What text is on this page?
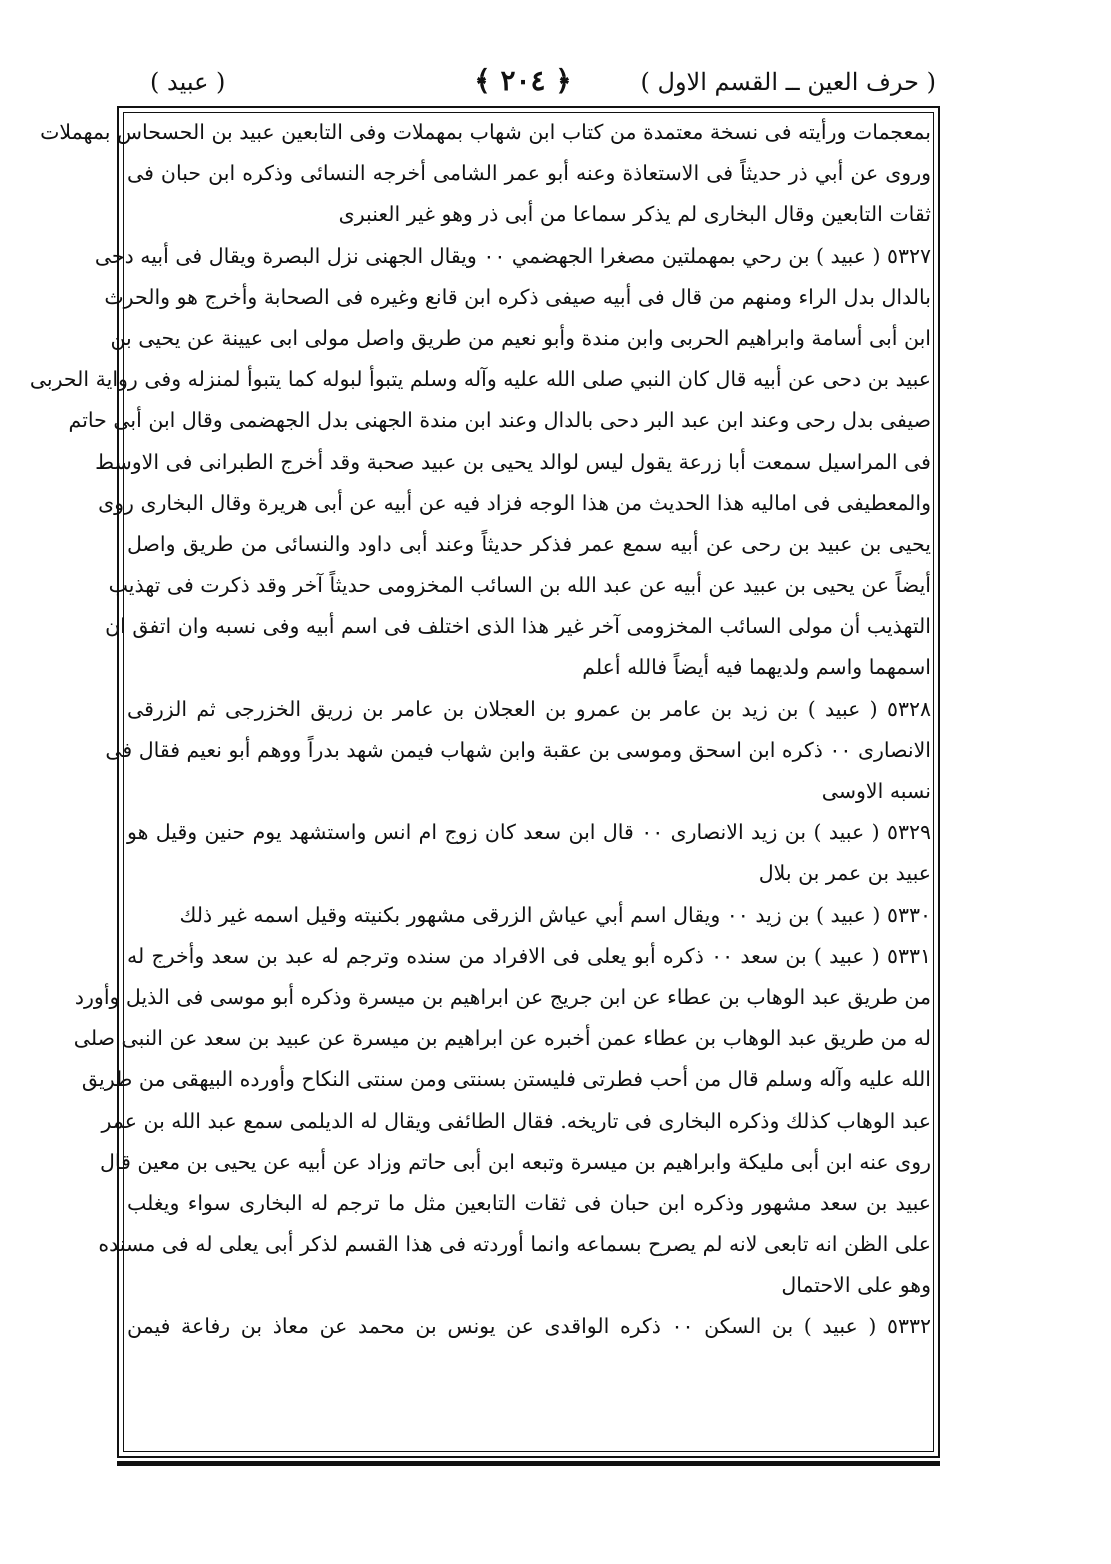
( حرف العين ــ القسم الاول )
﴿ ٢٠٤ ﴾
( عبيد )
بمعجمات ورأيته فى نسخة معتمدة من كتاب ابن شهاب بمهملات وفى التابعين عبيد بن الحسحاس بمهملات
وروى عن أبي ذر حديثاً فى الاستعاذة وعنه أبو عمر الشامى أخرجه النسائى وذكره ابن حبان فى
ثقات التابعين وقال البخارى لم يذكر سماعا من أبى ذر وهو غير العنبرى
٥٣٢٧ ( عبيد ) بن رحي بمهملتين مصغرا الجهضمي ٠٠ ويقال الجهنى نزل البصرة ويقال فى أبيه دحى
بالدال بدل الراء ومنهم من قال فى أبيه صيفى ذكره ابن قانع وغيره فى الصحابة وأخرج هو والحرث
ابن أبى أسامة وابراهيم الحربى وابن مندة وأبو نعيم من طريق واصل مولى ابى عيينة عن يحيى بن
عبيد بن دحى عن أبيه قال كان النبي صلى الله عليه وآله وسلم يتبوأ لبوله كما يتبوأ لمنزله وفى رواية الحربى
صيفى بدل رحى وعند ابن عبد البر دحى بالدال وعند ابن مندة الجهنى بدل الجهضمى وقال ابن أبى حاتم
فى المراسيل سمعت أبا زرعة يقول ليس لوالد يحيى بن عبيد صحبة وقد أخرج الطبرانى فى الاوسط
والمعطيفى فى اماليه هذا الحديث من هذا الوجه فزاد فيه عن أبيه عن أبى هريرة وقال البخارى روى
يحيى بن عبيد بن رحى عن أبيه سمع عمر فذكر حديثاً وعند أبى داود والنسائى من طريق واصل
أيضاً عن يحيى بن عبيد عن أبيه عن عبد الله بن السائب المخزومى حديثاً آخر وقد ذكرت فى تهذيب
التهذيب أن مولى السائب المخزومى آخر غير هذا الذى اختلف فى اسم أبيه وفى نسبه وان اتفق ان
اسمهما واسم ولديهما فيه أيضاً فالله أعلم
٥٣٢٨ ( عبيد ) بن زيد بن عامر بن عمرو بن العجلان بن عامر بن زريق الخزرجى ثم الزرقى
الانصارى ٠٠ ذكره ابن اسحق وموسى بن عقبة وابن شهاب فيمن شهد بدراً ووهم أبو نعيم فقال فى
نسبه الاوسى
٥٣٢٩ ( عبيد ) بن زيد الانصارى ٠٠ قال ابن سعد كان زوج ام انس واستشهد يوم حنين وقيل هو
عبيد بن عمر بن بلال
٥٣٣٠ ( عبيد ) بن زيد ٠٠ ويقال اسم أبي عياش الزرقى مشهور بكنيته وقيل اسمه غير ذلك
٥٣٣١ ( عبيد ) بن سعد ٠٠ ذكره أبو يعلى فى الافراد من سنده وترجم له عبد بن سعد وأخرج له
من طريق عبد الوهاب بن عطاء عن ابن جريج عن ابراهيم بن ميسرة وذكره أبو موسى فى الذيل وأورد
له من طريق عبد الوهاب بن عطاء عمن أخبره عن ابراهيم بن ميسرة عن عبيد بن سعد عن النبى صلى
الله عليه وآله وسلم قال من أحب فطرتى فليستن بسنتى ومن سنتى النكاح وأورده البيهقى من طريق
عبد الوهاب كذلك وذكره البخارى فى تاريخه. فقال الطائفى ويقال له الديلمى سمع عبد الله بن عمر
روى عنه ابن أبى مليكة وابراهيم بن ميسرة وتبعه ابن أبى حاتم وزاد عن أبيه عن يحيى بن معين قال
عبيد بن سعد مشهور وذكره ابن حبان فى ثقات التابعين مثل ما ترجم له البخارى سواء ويغلب
على الظن انه تابعى لانه لم يصرح بسماعه وانما أوردته فى هذا القسم لذكر أبى يعلى له فى مسنده
وهو على الاحتمال
٥٣٣٢ ( عبيد ) بن السكن ٠٠ ذكره الواقدى عن يونس بن محمد عن معاذ بن رفاعة فيمن
